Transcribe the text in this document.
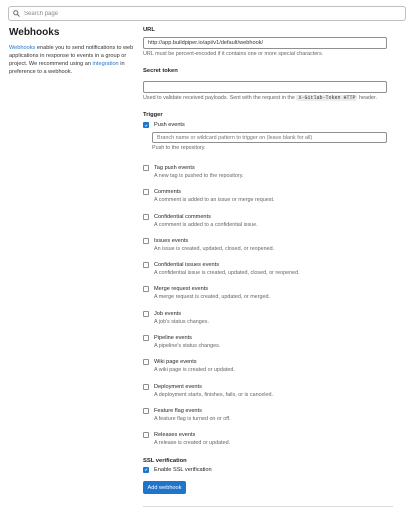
Search page
Webhooks

Webhooks enable you to send notifications to web applications in response to events in a group or project. We recommend using an integration in preference to a webhook.

URL
http://app.buildpiper.io/api/v1/default/webhook/
URL must be percent-encoded if it contains one or more special characters.
Secret token
Used to validate received payloads. Sent with the request in the X-Gitlab-Token HTTP header.
Trigger
Push events
Branch name or wildcard pattern to trigger on (leave blank for all)
Push to the repository.
Tag push events
A new tag is pushed to the repository.
Comments
A comment is added to an issue or merge request.
Confidential comments
A comment is added to a confidential issue.
Issues events
An issue is created, updated, closed, or reopened.
Confidential issues events
A confidential issue is created, updated, closed, or reopened.
Merge request events
A merge request is created, updated, or merged.
Job events
A job's status changes.
Pipeline events
A pipeline's status changes.
Wiki page events
A wiki page is created or updated.
Deployment events
A deployment starts, finishes, fails, or is canceled.
Feature flag events
A feature flag is turned on or off.
Releases events
A release is created or updated.
SSL verification
Enable SSL verification
Add webhook
